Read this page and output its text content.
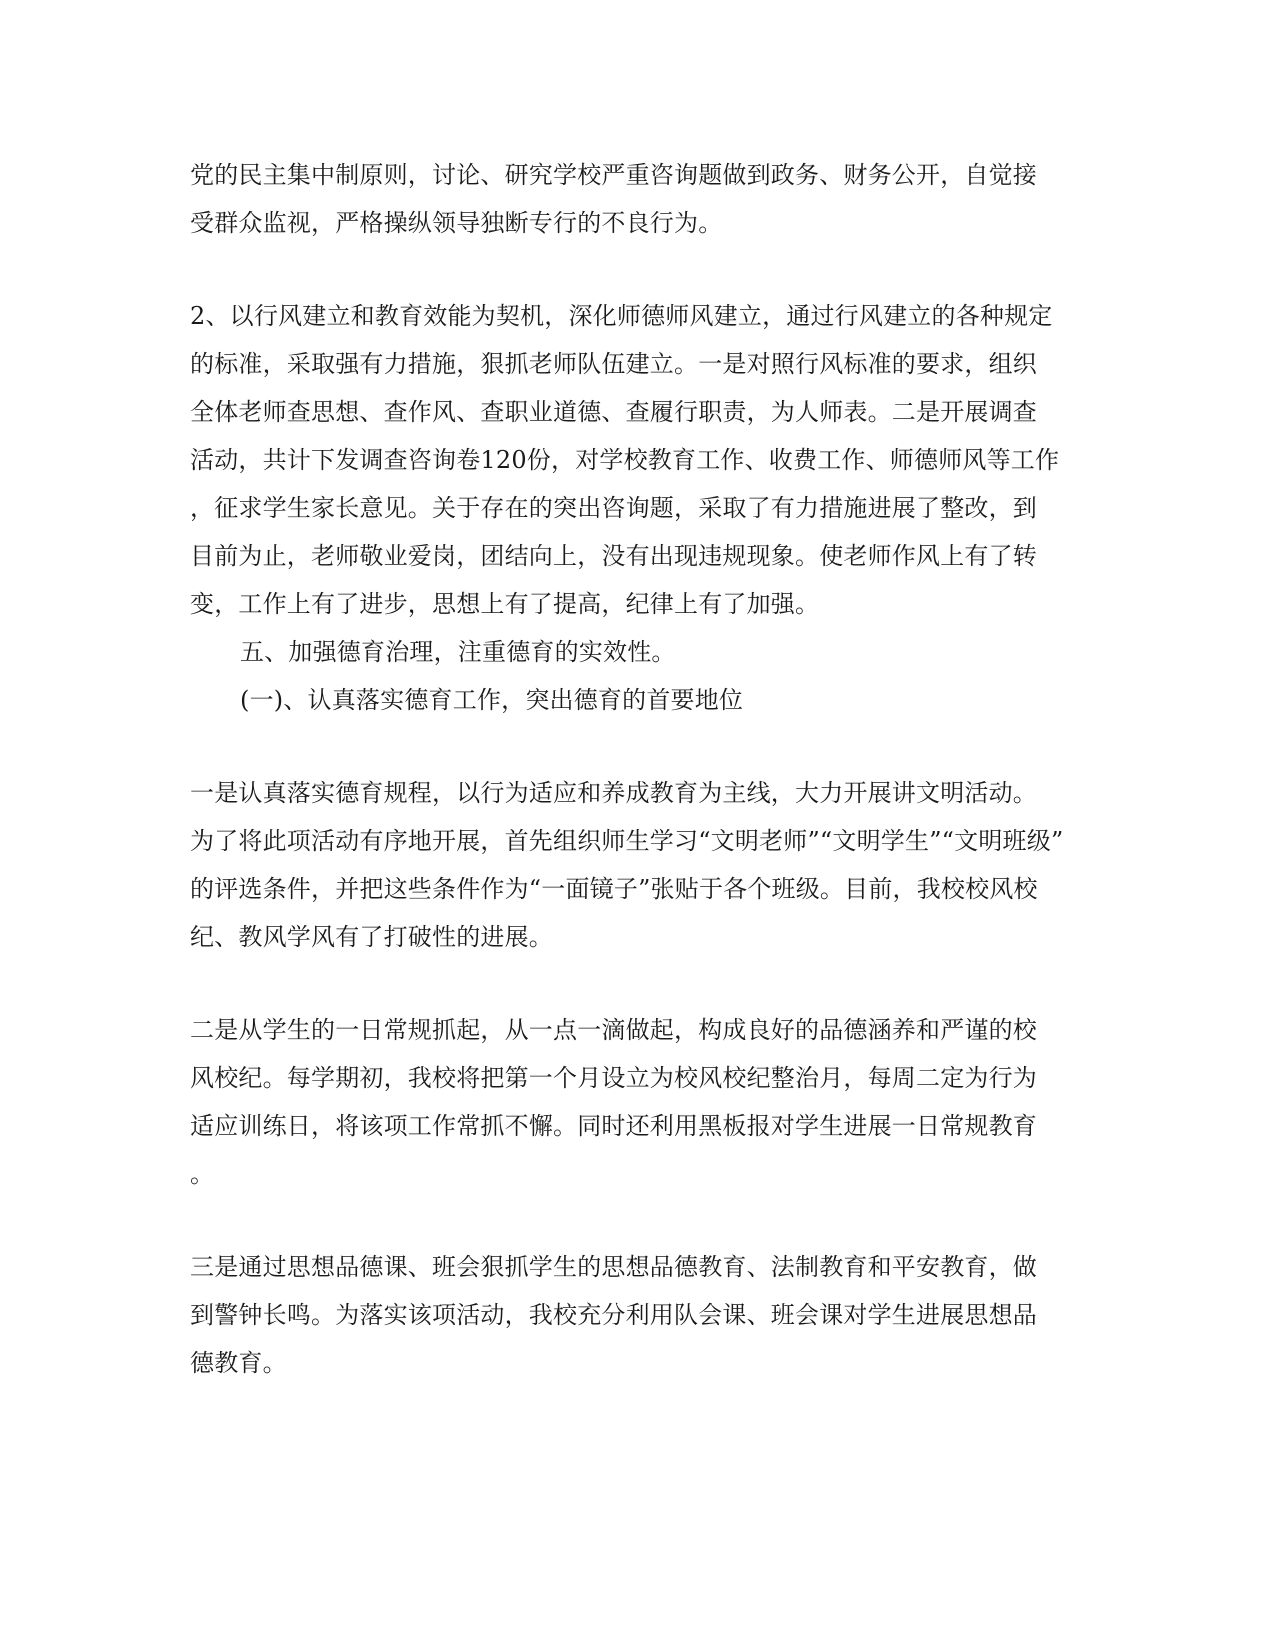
党的民主集中制原则，讨论、研究学校严重咨询题做到政务、财务公开，自觉接
受群众监视，严格操纵领导独断专行的不良行为。
2、以行风建立和教育效能为契机，深化师德师风建立，通过行风建立的各种规定
的标准，采取强有力措施，狠抓老师队伍建立。一是对照行风标准的要求，组织
全体老师查思想、查作风、查职业道德、查履行职责，为人师表。二是开展调查
活动，共计下发调查咨询卷120份，对学校教育工作、收费工作、师德师风等工作
，征求学生家长意见。关于存在的突出咨询题，采取了有力措施进展了整改，到
目前为止，老师敬业爱岗，团结向上，没有出现违规现象。使老师作风上有了转
变，工作上有了进步，思想上有了提高，纪律上有了加强。
五、加强德育治理，注重德育的实效性。
(一)、认真落实德育工作，突出德育的首要地位
一是认真落实德育规程，以行为适应和养成教育为主线，大力开展讲文明活动。
为了将此项活动有序地开展，首先组织师生学习“文明老师”“文明学生”“文明班级”
的评选条件，并把这些条件作为“一面镜子”张贴于各个班级。目前，我校校风校
纪、教风学风有了打破性的进展。
二是从学生的一日常规抓起，从一点一滴做起，构成良好的品德涵养和严谨的校
风校纪。每学期初，我校将把第一个月设立为校风校纪整治月，每周二定为行为
适应训练日，将该项工作常抓不懈。同时还利用黑板报对学生进展一日常规教育
。
三是通过思想品德课、班会狠抓学生的思想品德教育、法制教育和平安教育，做
到警钟长鸣。为落实该项活动，我校充分利用队会课、班会课对学生进展思想品
德教育。
